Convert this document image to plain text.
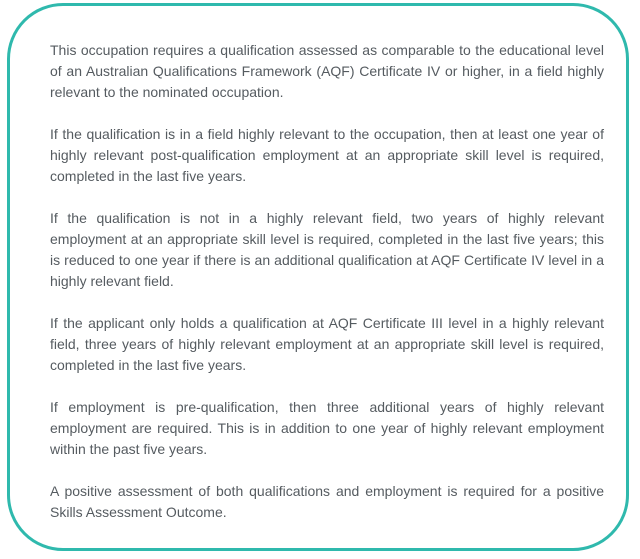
This occupation requires a qualification assessed as comparable to the educational level of an Australian Qualifications Framework (AQF) Certificate IV or higher, in a field highly relevant to the nominated occupation.

If the qualification is in a field highly relevant to the occupation, then at least one year of highly relevant post-qualification employment at an appropriate skill level is required, completed in the last five years.

If the qualification is not in a highly relevant field, two years of highly relevant employment at an appropriate skill level is required, completed in the last five years; this is reduced to one year if there is an additional qualification at AQF Certificate IV level in a highly relevant field.

If the applicant only holds a qualification at AQF Certificate III level in a highly relevant field, three years of highly relevant employment at an appropriate skill level is required, completed in the last five years.

If employment is pre-qualification, then three additional years of highly relevant employment are required. This is in addition to one year of highly relevant employment within the past five years.

A positive assessment of both qualifications and employment is required for a positive Skills Assessment Outcome.
